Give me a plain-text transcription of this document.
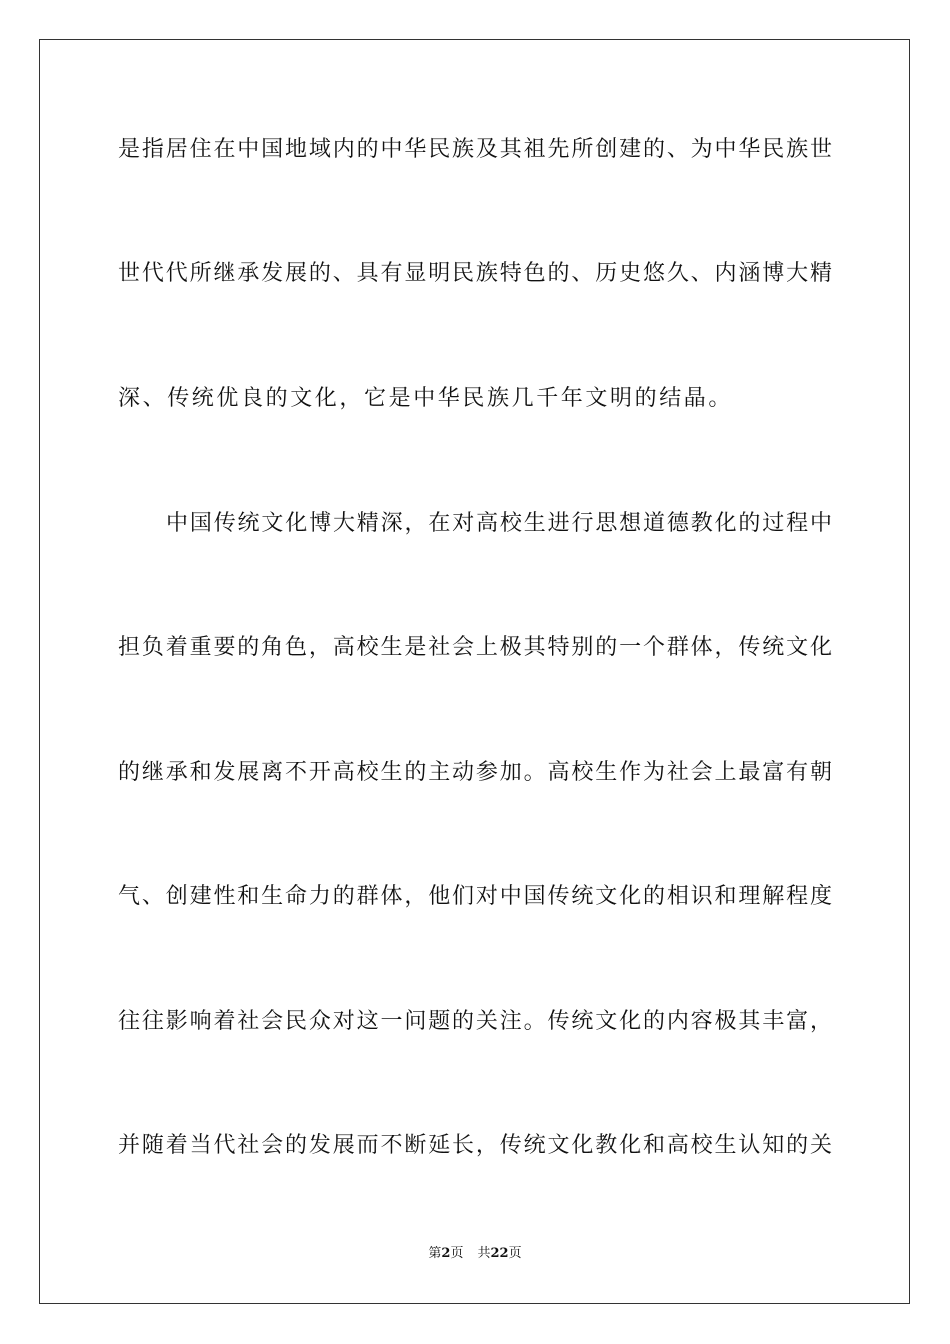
是指居住在中国地域内的中华民族及其祖先所创建的、为中华民族世
世代代所继承发展的、具有显明民族特色的、历史悠久、内涵博大精
深、传统优良的文化，它是中华民族几千年文明的结晶。
中国传统文化博大精深，在对高校生进行思想道德教化的过程中
担负着重要的角色，高校生是社会上极其特别的一个群体，传统文化
的继承和发展离不开高校生的主动参加。高校生作为社会上最富有朝
气、创建性和生命力的群体，他们对中国传统文化的相识和理解程度
往往影响着社会民众对这一问题的关注。传统文化的内容极其丰富，
并随着当代社会的发展而不断延长，传统文化教化和高校生认知的关
第2页 共22页
